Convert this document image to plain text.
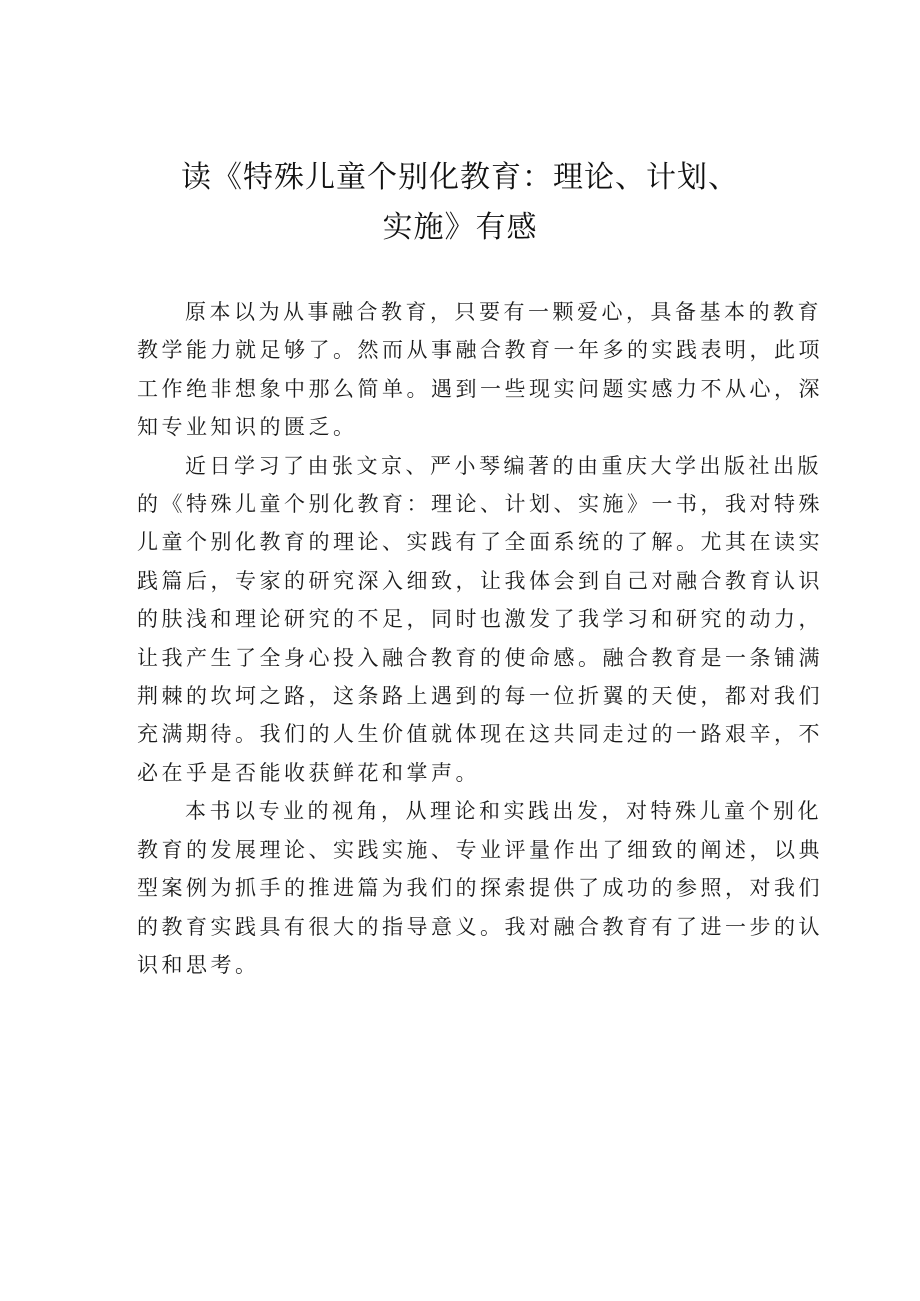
读《特殊儿童个别化教育：理论、计划、
实施》有感
原本以为从事融合教育，只要有一颗爱心，具备基本的教育
教学能力就足够了。然而从事融合教育一年多的实践表明，此项
工作绝非想象中那么简单。遇到一些现实问题实感力不从心，深
知专业知识的匮乏。
近日学习了由张文京、严小琴编著的由重庆大学出版社出版
的《特殊儿童个别化教育：理论、计划、实施》一书，我对特殊
儿童个别化教育的理论、实践有了全面系统的了解。尤其在读实
践篇后，专家的研究深入细致，让我体会到自己对融合教育认识
的肤浅和理论研究的不足，同时也激发了我学习和研究的动力，
让我产生了全身心投入融合教育的使命感。融合教育是一条铺满
荆棘的坎坷之路，这条路上遇到的每一位折翼的天使，都对我们
充满期待。我们的人生价值就体现在这共同走过的一路艰辛，不
必在乎是否能收获鲜花和掌声。
本书以专业的视角，从理论和实践出发，对特殊儿童个别化
教育的发展理论、实践实施、专业评量作出了细致的阐述，以典
型案例为抓手的推进篇为我们的探索提供了成功的参照，对我们
的教育实践具有很大的指导意义。我对融合教育有了进一步的认
识和思考。
